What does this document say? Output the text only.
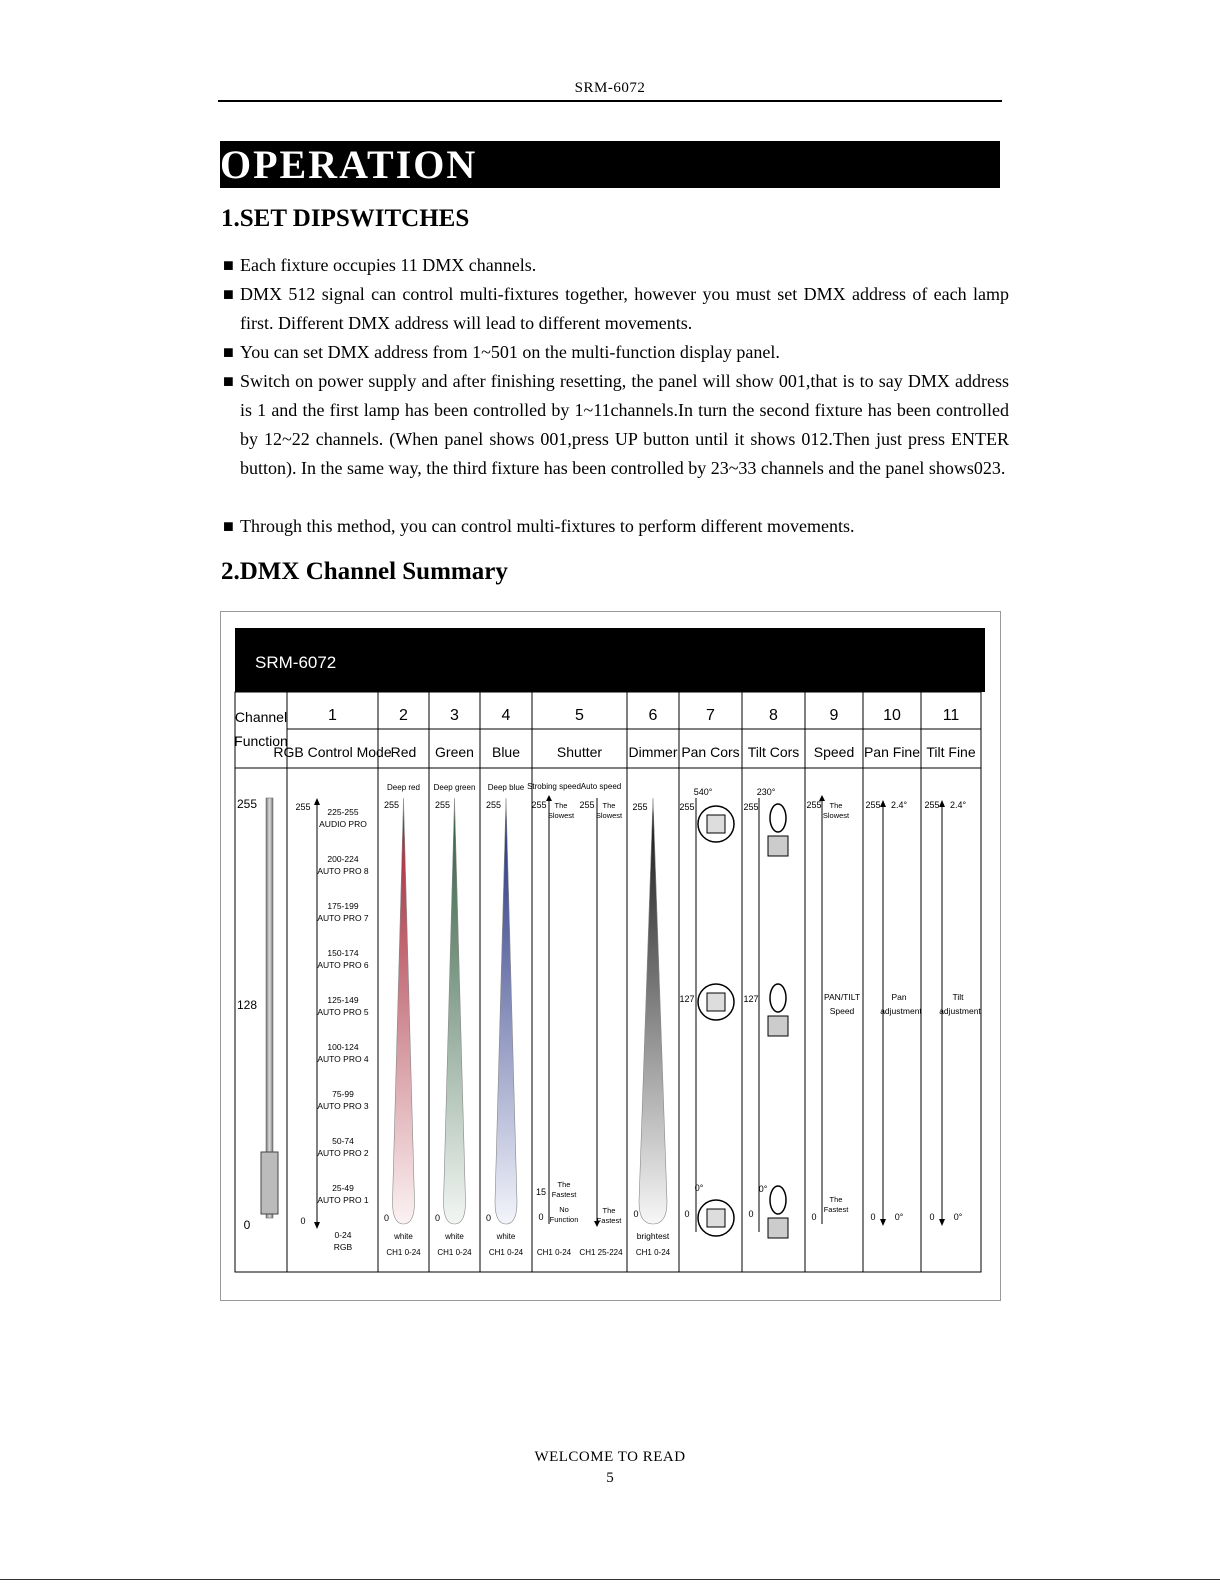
SRM-6072
OPERATION
1.SET DIPSWITCHES
■ Each fixture occupies 11 DMX channels.
■ DMX 512 signal can control multi-fixtures together, however you must set DMX address of each lamp first. Different DMX address will lead to different movements.
■ You can set DMX address from 1~501 on the multi-function display panel.
■ Switch on power supply and after finishing resetting, the panel will show 001,that is to say DMX address is 1 and the first lamp has been controlled by 1~11channels.In turn the second fixture has been controlled by 12~22 channels. (When panel shows 001,press UP button until it shows 012.Then just press ENTER button). In the same way, the third fixture has been controlled by 23~33 channels and the panel shows023.
■ Through this method, you can control multi-fixtures to perform different movements.
2.DMX Channel Summary
SRM-6072
Channel
Function
1
RGB Control Mode
2
Red
3
Green
4
Blue
5
Shutter
6
Dimmer
7
Pan Cors
8
Tilt Cors
9
Speed
10
Pan Fine
11
Tilt Fine
255
128
0
255
0
225-255
AUDIO PRO
200-224
AUTO PRO 8
175-199
AUTO PRO 7
150-174
AUTO PRO 6
125-149
AUTO PRO 5
100-124
AUTO PRO 4
75-99
AUTO PRO 3
50-74
AUTO PRO 2
25-49
AUTO PRO 1
0-24
RGB
Deep red
255
0
white
CH1 0-24
Deep green
255
0
white
CH1 0-24
Deep blue
255
0
white
CH1 0-24
Strobing speed Auto speed
255 The
Slowest
255 The
Slowest
15
The
Fastest
No
Function
0
The
Fastest
CH1 0-24 CH1 25-224
255
0
brightest
CH1 0-24
255
127
0
540°
0°
255
127
0
230°
0°
255 The
Slowest
PAN/TILT
Speed
The
Fastest
0
255 2.4°
Pan
adjustment
0 0°
255 2.4°
Tilt
adjustment
0 0°
WELCOME TO READ
5
